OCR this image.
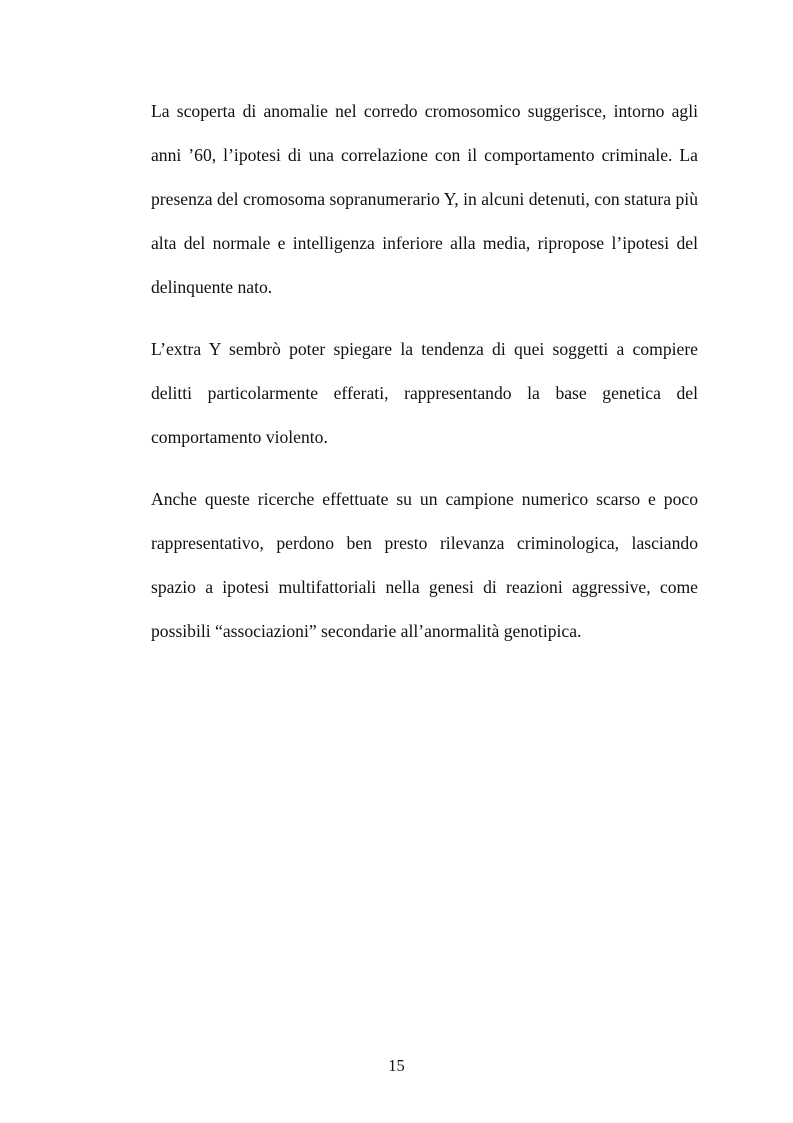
La scoperta di anomalie nel corredo cromosomico suggerisce, intorno agli anni ’60, l’ipotesi di una correlazione con il comportamento criminale. La presenza del cromosoma sopranumerario Y, in alcuni detenuti, con statura più alta del normale e intelligenza inferiore alla media, ripropose l’ipotesi del delinquente nato.

L’extra Y sembrò poter spiegare la tendenza di quei soggetti a compiere delitti particolarmente efferati, rappresentando la base genetica del comportamento violento.

Anche queste ricerche effettuate su un campione numerico scarso e poco rappresentativo, perdono ben presto rilevanza criminologica, lasciando spazio a ipotesi multifattoriali nella genesi di reazioni aggressive, come possibili “associazioni” secondarie all’anormalità genotipica.

15
